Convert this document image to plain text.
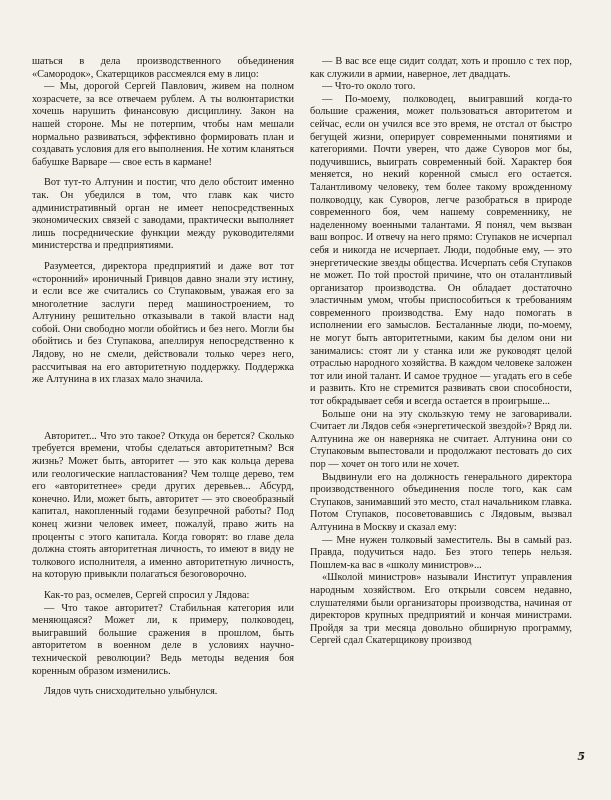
шаться в дела производственного объединения «Самородок», Скатерщиков рассмеялся ему в лицо:

— Мы, дорогой Сергей Павлович, живем на полном хозрасчете, за все отвечаем рублем. А ты волюнтаристки хочешь нарушить финансовую дисциплину. Закон на нашей стороне. Мы не потерпим, чтобы нам мешали нормально развиваться, эффективно формировать план и создавать условия для его выполнения. Не хотим кланяться бабушке Варваре — свое есть в кармане!

Вот тут-то Алтунин и постиг, что дело обстоит именно так. Он убедился в том, что главк как чисто административный орган не имеет непосредственных экономических связей с заводами, практически выполняет лишь посреднические функции между руководителями министерства и предприятиями.

Разумеется, директора предприятий и даже вот тот «сторонний» ироничный Гривцов давно знали эту истину, и если все же считались со Ступаковым, уважая его за многолетние заслуги перед машиностроением, то Алтунину решительно отказывали в такой власти над собой. Они свободно могли обойтись и без него. Могли бы обойтись и без Ступакова, апеллируя непосредственно к Лядову, но не смели, действовали только через него, рассчитывая на его авторитетную поддержку. Поддержка же Алтунина в их глазах мало значила.

Авторитет... Что это такое? Откуда он берется? Сколько требуется времени, чтобы сделаться авторитетным? Вся жизнь? Может быть, авторитет — это как кольца дерева или геологические напластования? Чем толще дерево, тем его «авторитетнее» среди других деревьев... Абсурд, конечно. Или, может быть, авторитет — это своеобразный капитал, накопленный годами безупречной работы? Под конец жизни человек имеет, пожалуй, право жить на проценты с этого капитала. Когда говорят: во главе дела должна стоять авторитетная личность, то имеют в виду не толкового исполнителя, а именно авторитетную личность, на которую привыкли полагаться безоговорочно.

Как-то раз, осмелев, Сергей спросил у Лядова:

— Что такое авторитет? Стабильная категория или меняющаяся? Может ли, к примеру, полководец, выигравший большие сражения в прошлом, быть авторитетом в военном деле в условиях научно-технической революции? Ведь методы ведения боя коренным образом изменились.

Лядов чуть снисходительно улыбнулся.

— В вас все еще сидит солдат, хоть и прошло с тех пор, как служили в армии, наверное, лет двадцать.

— Что-то около того.

— По-моему, полководец, выигравший когда-то большие сражения, может пользоваться авторитетом и сейчас, если он учился все это время, не отстал от быстро бегущей жизни, оперирует современными понятиями и категориями. Почти уверен, что даже Суворов мог бы, подучившись, выиграть современный бой. Характер боя меняется, но некий коренной смысл его остается. Талантливому человеку, тем более такому врожденному полководцу, как Суворов, легче разобраться в природе современного боя, чем нашему современнику, не наделенному военными талантами. Я понял, чем вызван ваш вопрос. И отвечу на него прямо: Ступаков не исчерпал себя и никогда не исчерпает. Люди, подобные ему, — это энергетические звезды общества. Исчерпать себя Ступаков не может. По той простой причине, что он оталантливый организатор производства. Он обладает достаточно эластичным умом, чтобы приспособиться к требованиям современного производства. Ему надо помогать в исполнении его замыслов. Бесталанные люди, по-моему, не могут быть авторитетными, каким бы делом они ни занимались: стоят ли у станка или же руководят целой отраслью народного хозяйства. В каждом человеке заложен тот или иной талант. И самое трудное — угадать его в себе и развить. Кто не стремится развивать свои способности, тот обкрадывает себя и всегда остается в проигрыше...

Больше они на эту скользкую тему не заговаривали. Считает ли Лядов себя «энергетической звездой»? Вряд ли. Алтунина же он наверняка не считает. Алтунина они со Ступаковым выпестовали и продолжают пестовать до сих пор — хочет он того или не хочет.

Выдвинули его на должность генерального директора производственного объединения после того, как сам Ступаков, занимавший это место, стал начальником главка. Потом Ступаков, посоветовавшись с Лядовым, вызвал Алтунина в Москву и сказал ему:

— Мне нужен толковый заместитель. Вы в самый раз. Правда, подучиться надо. Без этого теперь нельзя. Пошлем-ка вас в «школу министров»...

«Школой министров» называли Институт управления народным хозяйством. Его открыли совсем недавно, слушателями были организаторы производства, начиная от директоров крупных предприятий и кончая министрами. Пройдя за три месяца довольно обширную программу, Сергей сдал Скатерщикову производ

5
